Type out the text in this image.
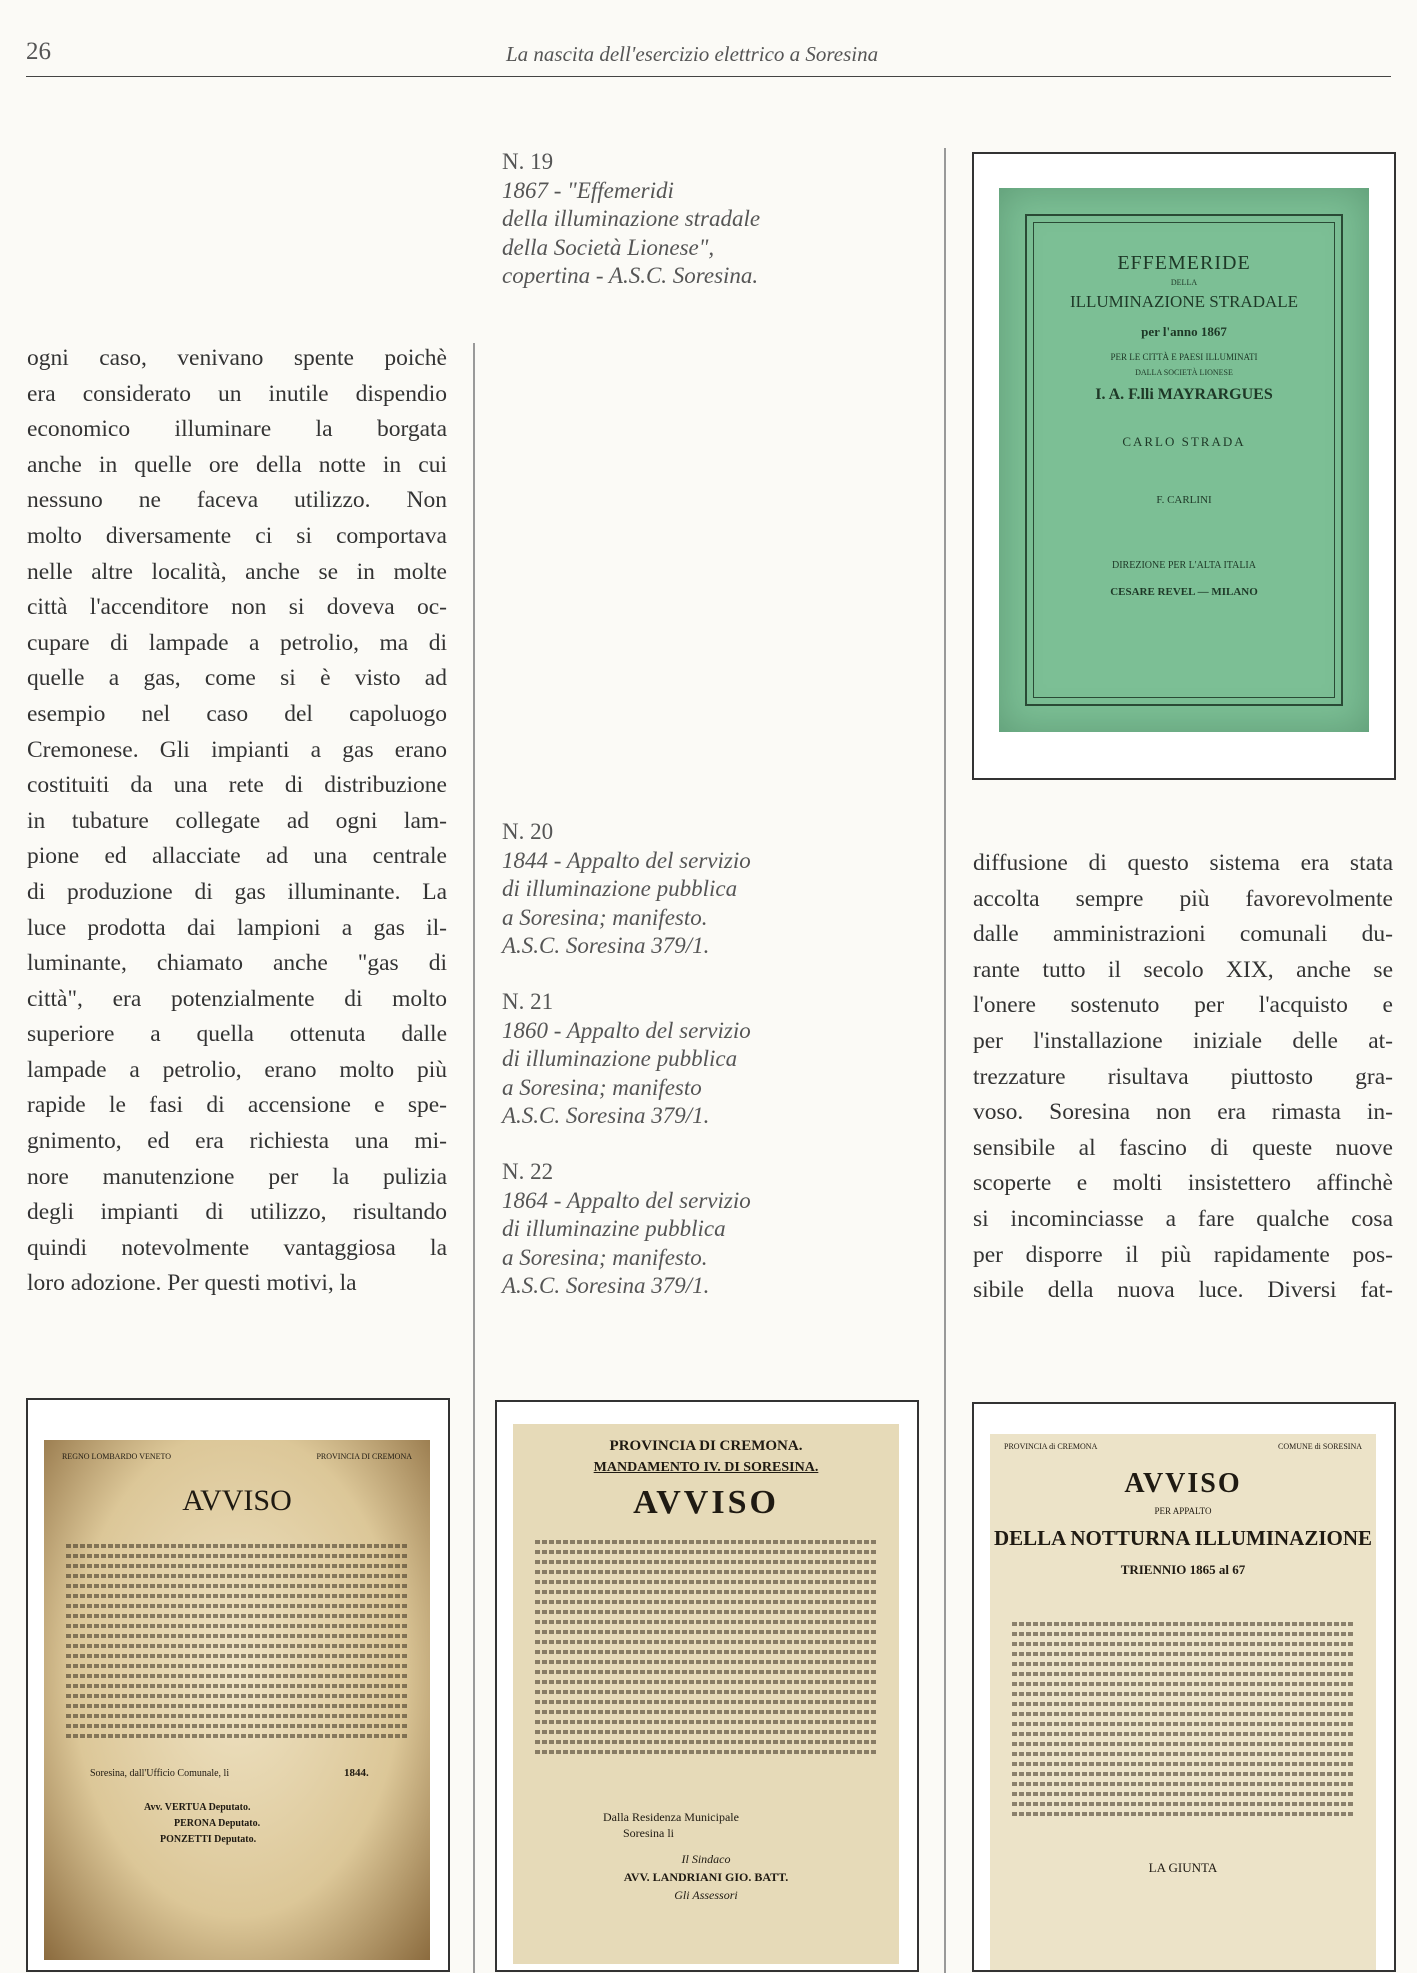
26	La nascita dell'esercizio elettrico a Soresina
ogni caso, venivano spente poichè
era considerato un inutile dispendio
economico illuminare la borgata
anche in quelle ore della notte in cui
nessuno ne faceva utilizzo. Non
molto diversamente ci si comportava
nelle altre località, anche se in molte
città l'accenditore non si doveva oc-
cupare di lampade a petrolio, ma di
quelle a gas, come si è visto ad
esempio nel caso del capoluogo
Cremonese. Gli impianti a gas erano
costituiti da una rete di distribuzione
in tubature collegate ad ogni lam-
pione ed allacciate ad una centrale
di produzione di gas illuminante. La
luce prodotta dai lampioni a gas il-
luminante, chiamato anche "gas di
città", era potenzialmente di molto
superiore a quella ottenuta dalle
lampade a petrolio, erano molto più
rapide le fasi di accensione e spe-
gnimento, ed era richiesta una mi-
nore manutenzione per la pulizia
degli impianti di utilizzo, risultando
quindi notevolmente vantaggiosa la
loro adozione. Per questi motivi, la
diffusione di questo sistema era stata
accolta sempre più favorevolmente
dalle amministrazioni comunali du-
rante tutto il secolo XIX, anche se
l'onere sostenuto per l'acquisto e
per l'installazione iniziale delle at-
trezzature risultava piuttosto gra-
voso. Soresina non era rimasta in-
sensibile al fascino di queste nuove
scoperte e molti insistettero affinchè
si incominciasse a fare qualche cosa
per disporre il più rapidamente pos-
sibile della nuova luce. Diversi fat-
N. 19
1867 - "Effemeridi
della illuminazione stradale
della Società Lionese",
copertina - A.S.C. Soresina.
N. 20
1844 - Appalto del servizio
di illuminazione pubblica
a Soresina; manifesto.
A.S.C. Soresina 379/1.
N. 21
1860 - Appalto del servizio
di illuminazione pubblica
a Soresina; manifesto
A.S.C. Soresina 379/1.
N. 22
1864 - Appalto del servizio
di illuminazine pubblica
a Soresina; manifesto.
A.S.C. Soresina 379/1.
EFFEMERIDE
DELLA
ILLUMINAZIONE STRADALE
per l'anno 1867
PER LE CITTÀ E PAESI ILLUMINATI
DALLA SOCIETÀ LIONESE
I. A. F.lli MAYRARGUES
CARLO STRADA
F. CARLINI
DIREZIONE PER L'ALTA ITALIA
CESARE REVEL — MILANO
REGNO LOMBARDO VENETO	PROVINCIA DI CREMONA
AVVISO
Soresina, dall'Ufficio Comunale, li	1844.
Avv. VERTUA Deputato.
PERONA Deputato.
PONZETTI Deputato.
PROVINCIA DI CREMONA.
MANDAMENTO IV. DI SORESINA.
AVVISO
Dalla Residenza Municipale
Soresina li
Il Sindaco
AVV. LANDRIANI GIO. BATT.
Gli Assessori
PROVINCIA di CREMONA	COMUNE di SORESINA
AVVISO
PER APPALTO
DELLA NOTTURNA ILLUMINAZIONE
TRIENNIO 1865 al 67
LA GIUNTA
